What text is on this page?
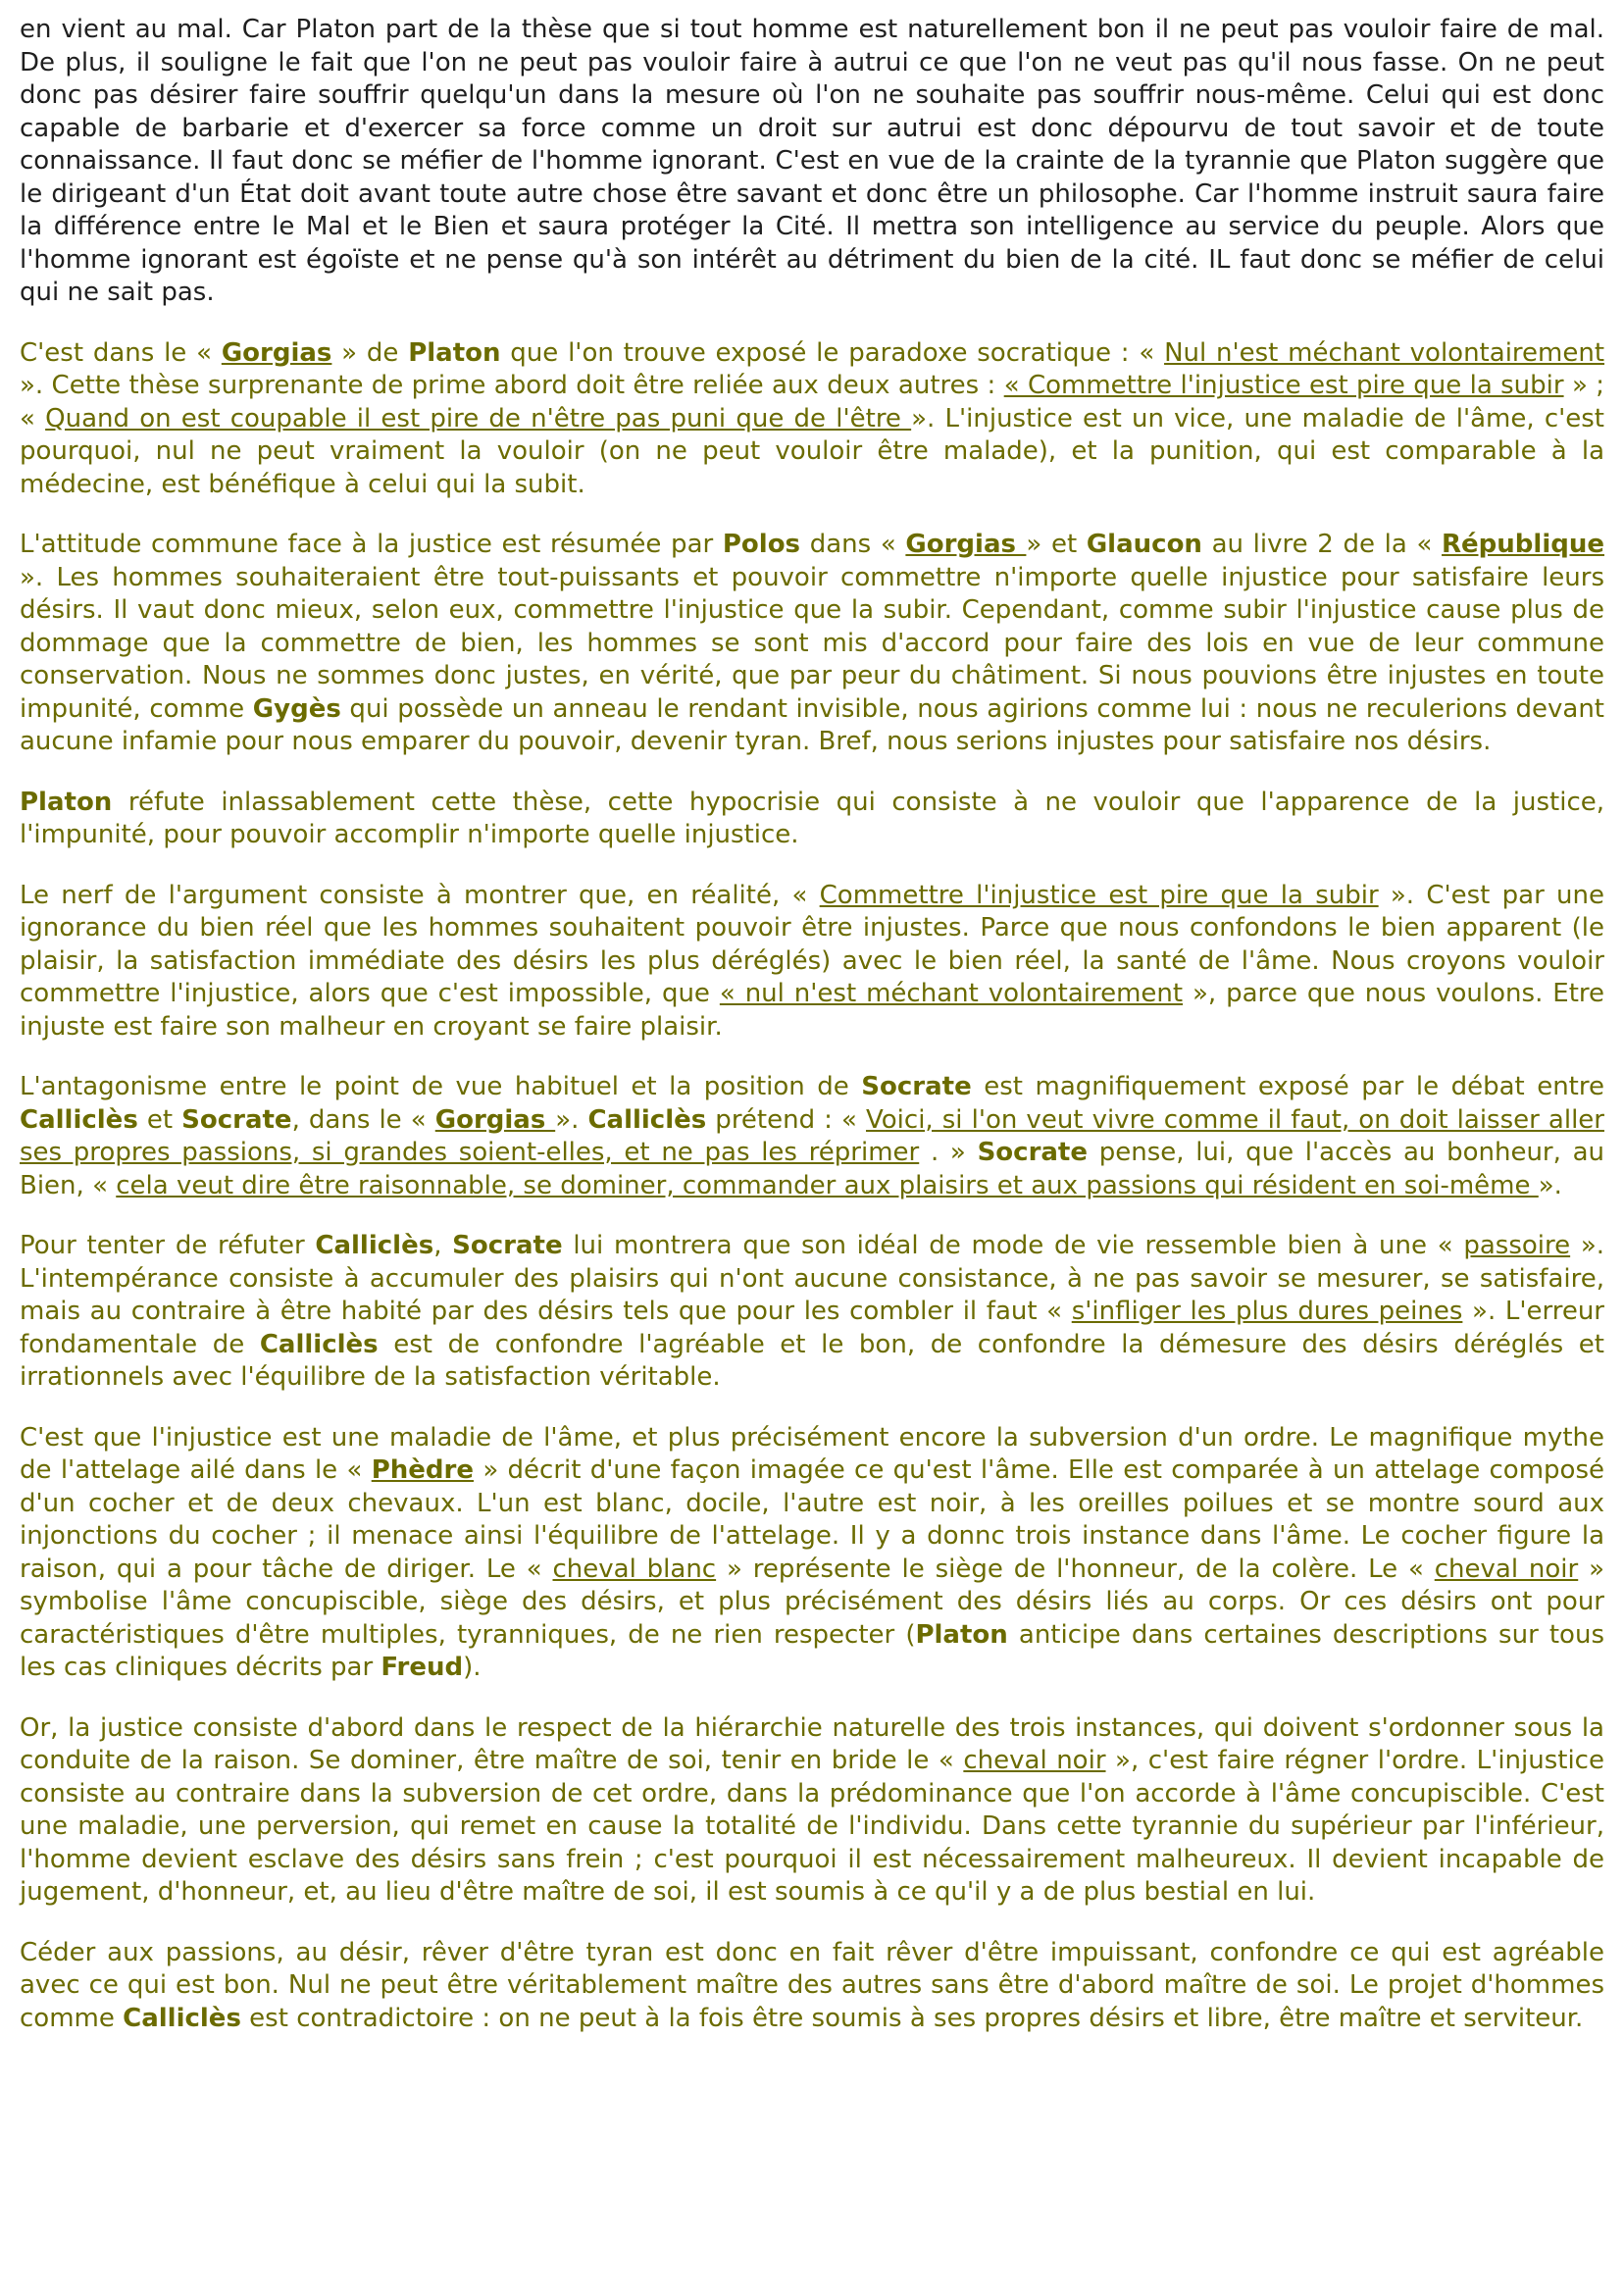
en vient au mal. Car Platon part de la thèse que si tout homme est naturellement bon il ne peut pas vouloir faire de mal. De plus, il souligne le fait que l'on ne peut pas vouloir faire à autrui ce que l'on ne veut pas qu'il nous fasse. On ne peut donc pas désirer faire souffrir quelqu'un dans la mesure où l'on ne souhaite pas souffrir nous-même. Celui qui est donc capable de barbarie et d'exercer sa force comme un droit sur autrui est donc dépourvu de tout savoir et de toute connaissance. Il faut donc se méfier de l'homme ignorant. C'est en vue de la crainte de la tyrannie que Platon suggère que le dirigeant d'un État doit avant toute autre chose être savant et donc être un philosophe. Car l'homme instruit saura faire la différence entre le Mal et le Bien et saura protéger la Cité. Il mettra son intelligence au service du peuple. Alors que l'homme ignorant est égoïste et ne pense qu'à son intérêt au détriment du bien de la cité. IL faut donc se méfier de celui qui ne sait pas.

C'est dans le « Gorgias » de Platon que l'on trouve exposé le paradoxe socratique : « Nul n'est méchant volontairement ». Cette thèse surprenante de prime abord doit être reliée aux deux autres : « Commettre l'injustice est pire que la subir » ; « Quand on est coupable il est pire de n'être pas puni que de l'être ». L'injustice est un vice, une maladie de l'âme, c'est pourquoi, nul ne peut vraiment la vouloir (on ne peut vouloir être malade), et la punition, qui est comparable à la médecine, est bénéfique à celui qui la subit.

L'attitude commune face à la justice est résumée par Polos dans « Gorgias » et Glaucon au livre 2 de la « République ». Les hommes souhaiteraient être tout-puissants et pouvoir commettre n'importe quelle injustice pour satisfaire leurs désirs. Il vaut donc mieux, selon eux, commettre l'injustice que la subir. Cependant, comme subir l'injustice cause plus de dommage que la commettre de bien, les hommes se sont mis d'accord pour faire des lois en vue de leur commune conservation. Nous ne sommes donc justes, en vérité, que par peur du châtiment. Si nous pouvions être injustes en toute impunité, comme Gygès qui possède un anneau le rendant invisible, nous agirions comme lui : nous ne reculerions devant aucune infamie pour nous emparer du pouvoir, devenir tyran. Bref, nous serions injustes pour satisfaire nos désirs.

Platon réfute inlassablement cette thèse, cette hypocrisie qui consiste à ne vouloir que l'apparence de la justice, l'impunité, pour pouvoir accomplir n'importe quelle injustice.

Le nerf de l'argument consiste à montrer que, en réalité, « Commettre l'injustice est pire que la subir ». C'est par une ignorance du bien réel que les hommes souhaitent pouvoir être injustes. Parce que nous confondons le bien apparent (le plaisir, la satisfaction immédiate des désirs les plus déréglés) avec le bien réel, la santé de l'âme. Nous croyons vouloir commettre l'injustice, alors que c'est impossible, que « nul n'est méchant volontairement », parce que nous voulons. Etre injuste est faire son malheur en croyant se faire plaisir.

L'antagonisme entre le point de vue habituel et la position de Socrate est magnifiquement exposé par le débat entre Calliclès et Socrate, dans le « Gorgias ». Calliclès prétend : « Voici, si l'on veut vivre comme il faut, on doit laisser aller ses propres passions, si grandes soient-elles, et ne pas les réprimer . » Socrate pense, lui, que l'accès au bonheur, au Bien, « cela veut dire être raisonnable, se dominer, commander aux plaisirs et aux passions qui résident en soi-même ».

Pour tenter de réfuter Calliclès, Socrate lui montrera que son idéal de mode de vie ressemble bien à une « passoire ». L'intempérance consiste à accumuler des plaisirs qui n'ont aucune consistance, à ne pas savoir se mesurer, se satisfaire, mais au contraire à être habité par des désirs tels que pour les combler il faut « s'infliger les plus dures peines ». L'erreur fondamentale de Calliclès est de confondre l'agréable et le bon, de confondre la démesure des désirs déréglés et irrationnels avec l'équilibre de la satisfaction véritable.

C'est que l'injustice est une maladie de l'âme, et plus précisément encore la subversion d'un ordre. Le magnifique mythe de l'attelage ailé dans le « Phèdre » décrit d'une façon imagée ce qu'est l'âme. Elle est comparée à un attelage composé d'un cocher et de deux chevaux. L'un est blanc, docile, l'autre est noir, à les oreilles poilues et se montre sourd aux injonctions du cocher ; il menace ainsi l'équilibre de l'attelage. Il y a donnc trois instance dans l'âme. Le cocher figure la raison, qui a pour tâche de diriger. Le « cheval blanc » représente le siège de l'honneur, de la colère. Le « cheval noir » symbolise l'âme concupiscible, siège des désirs, et plus précisément des désirs liés au corps. Or ces désirs ont pour caractéristiques d'être multiples, tyranniques, de ne rien respecter (Platon anticipe dans certaines descriptions sur tous les cas cliniques décrits par Freud).

Or, la justice consiste d'abord dans le respect de la hiérarchie naturelle des trois instances, qui doivent s'ordonner sous la conduite de la raison. Se dominer, être maître de soi, tenir en bride le « cheval noir », c'est faire régner l'ordre. L'injustice consiste au contraire dans la subversion de cet ordre, dans la prédominance que l'on accorde à l'âme concupiscible. C'est une maladie, une perversion, qui remet en cause la totalité de l'individu. Dans cette tyrannie du supérieur par l'inférieur, l'homme devient esclave des désirs sans frein ; c'est pourquoi il est nécessairement malheureux. Il devient incapable de jugement, d'honneur, et, au lieu d'être maître de soi, il est soumis à ce qu'il y a de plus bestial en lui.

Céder aux passions, au désir, rêver d'être tyran est donc en fait rêver d'être impuissant, confondre ce qui est agréable avec ce qui est bon. Nul ne peut être véritablement maître des autres sans être d'abord maître de soi. Le projet d'hommes comme Calliclès est contradictoire : on ne peut à la fois être soumis à ses propres désirs et libre, être maître et serviteur.
